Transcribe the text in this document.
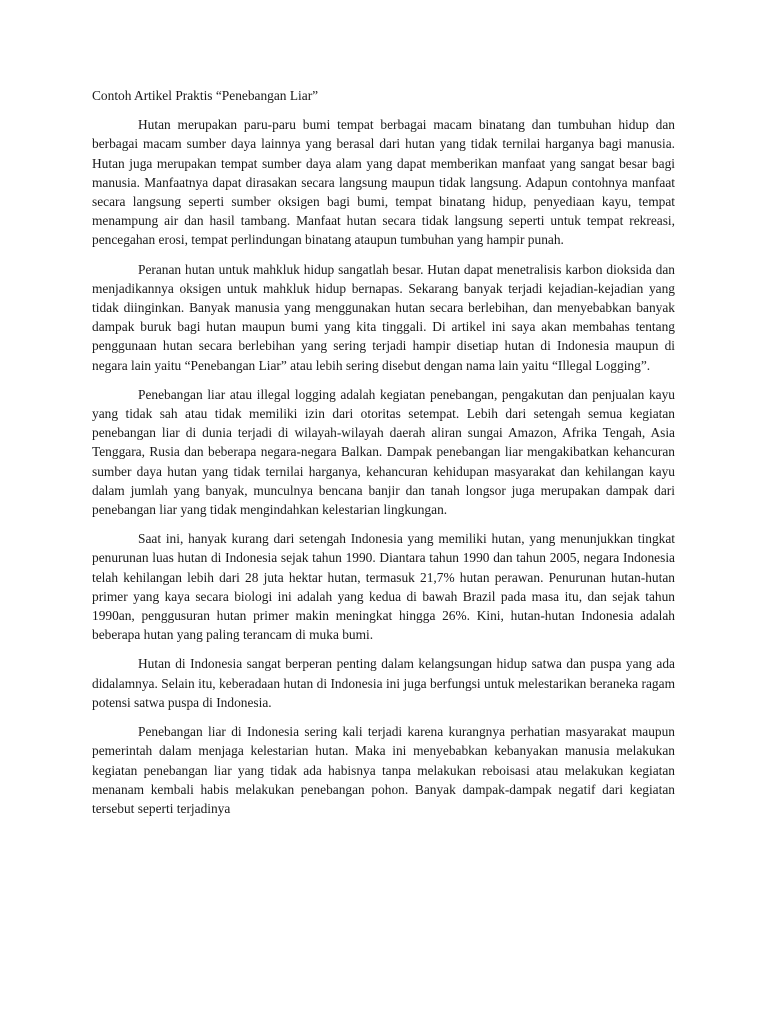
Contoh Artikel Praktis “Penebangan Liar”

Hutan merupakan paru-paru bumi tempat berbagai macam binatang dan tumbuhan hidup dan berbagai macam sumber daya lainnya yang berasal dari hutan yang tidak ternilai harganya bagi manusia. Hutan juga merupakan tempat sumber daya alam yang dapat memberikan manfaat yang sangat besar bagi manusia. Manfaatnya dapat dirasakan secara langsung maupun tidak langsung. Adapun contohnya manfaat secara langsung seperti sumber oksigen bagi bumi, tempat binatang hidup, penyediaan kayu, tempat menampung air dan hasil tambang. Manfaat hutan secara tidak langsung seperti untuk tempat rekreasi, pencegahan erosi, tempat perlindungan binatang ataupun tumbuhan yang hampir punah.

Peranan hutan untuk mahkluk hidup sangatlah besar. Hutan dapat menetralisis karbon dioksida dan menjadikannya oksigen untuk mahkluk hidup bernapas. Sekarang banyak terjadi kejadian-kejadian yang tidak diinginkan. Banyak manusia yang menggunakan hutan secara berlebihan, dan menyebabkan banyak dampak buruk bagi hutan maupun bumi yang kita tinggali. Di artikel ini saya akan membahas tentang penggunaan hutan secara berlebihan yang sering terjadi hampir disetiap hutan di Indonesia maupun di negara lain yaitu “Penebangan Liar” atau lebih sering disebut dengan nama lain yaitu “Illegal Logging”.

Penebangan liar atau illegal logging adalah kegiatan penebangan, pengakutan dan penjualan kayu yang tidak sah atau tidak memiliki izin dari otoritas setempat. Lebih dari setengah semua kegiatan penebangan liar di dunia terjadi di wilayah-wilayah daerah aliran sungai Amazon, Afrika Tengah, Asia Tenggara, Rusia dan beberapa negara-negara Balkan. Dampak penebangan liar mengakibatkan kehancuran sumber daya hutan yang tidak ternilai harganya, kehancuran kehidupan masyarakat dan kehilangan kayu dalam jumlah yang banyak, munculnya bencana banjir dan tanah longsor juga merupakan dampak dari penebangan liar yang tidak mengindahkan kelestarian lingkungan.

Saat ini, hanyak kurang dari setengah Indonesia yang memiliki hutan, yang menunjukkan tingkat penurunan luas hutan di Indonesia sejak tahun 1990. Diantara tahun 1990 dan tahun 2005, negara Indonesia telah kehilangan lebih dari 28 juta hektar hutan, termasuk 21,7% hutan perawan. Penurunan hutan-hutan primer yang kaya secara biologi ini adalah yang kedua di bawah Brazil pada masa itu, dan sejak tahun 1990an, penggusuran hutan primer makin meningkat hingga 26%. Kini, hutan-hutan Indonesia adalah beberapa hutan yang paling terancam di muka bumi.

Hutan di Indonesia sangat berperan penting dalam kelangsungan hidup satwa dan puspa yang ada didalamnya. Selain itu, keberadaan hutan di Indonesia ini juga berfungsi untuk melestarikan beraneka ragam potensi satwa puspa di Indonesia.

Penebangan liar di Indonesia sering kali terjadi karena kurangnya perhatian masyarakat maupun pemerintah dalam menjaga kelestarian hutan. Maka ini menyebabkan kebanyakan manusia melakukan kegiatan penebangan liar yang tidak ada habisnya tanpa melakukan reboisasi atau melakukan kegiatan menanam kembali habis melakukan penebangan pohon. Banyak dampak-dampak negatif dari kegiatan tersebut seperti terjadinya
